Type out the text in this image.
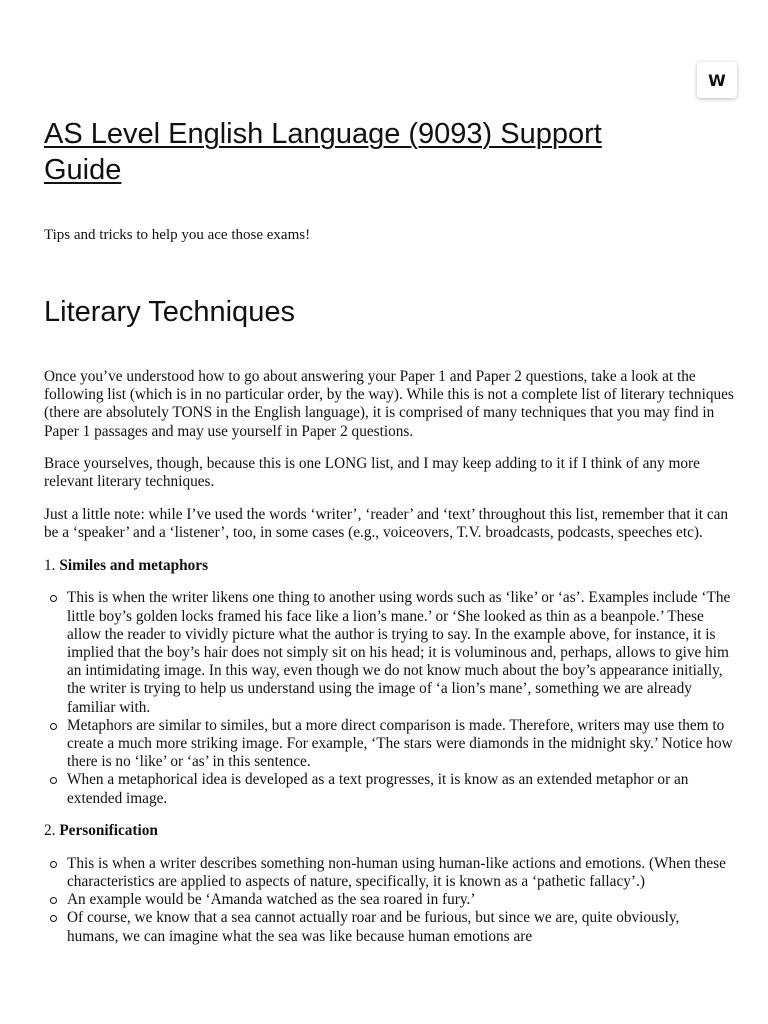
W
AS Level English Language (9093) Support Guide

Tips and tricks to help you ace those exams!

Literary Techniques

Once you’ve understood how to go about answering your Paper 1 and Paper 2 questions, take a look at the following list (which is in no particular order, by the way). While this is not a complete list of literary techniques (there are absolutely TONS in the English language), it is comprised of many techniques that you may find in Paper 1 passages and may use yourself in Paper 2 questions.

Brace yourselves, though, because this is one LONG list, and I may keep adding to it if I think of any more relevant literary techniques.

Just a little note: while I’ve used the words ‘writer’, ‘reader’ and ‘text’ throughout this list, remember that it can be a ‘speaker’ and a ‘listener’, too, in some cases (e.g., voiceovers, T.V. broadcasts, podcasts, speeches etc).

1. Similes and metaphors

This is when the writer likens one thing to another using words such as ‘like’ or ‘as’. Examples include ‘The little boy’s golden locks framed his face like a lion’s mane.’ or ‘She looked as thin as a beanpole.’ These allow the reader to vividly picture what the author is trying to say. In the example above, for instance, it is implied that the boy’s hair does not simply sit on his head; it is voluminous and, perhaps, allows to give him an intimidating image. In this way, even though we do not know much about the boy’s appearance initially, the writer is trying to help us understand using the image of ‘a lion’s mane’, something we are already familiar with.
Metaphors are similar to similes, but a more direct comparison is made. Therefore, writers may use them to create a much more striking image. For example, ‘The stars were diamonds in the midnight sky.’ Notice how there is no ‘like’ or ‘as’ in this sentence.
When a metaphorical idea is developed as a text progresses, it is know as an extended metaphor or an extended image.

2. Personification

This is when a writer describes something non-human using human-like actions and emotions. (When these characteristics are applied to aspects of nature, specifically, it is known as a ‘pathetic fallacy’.)
An example would be ‘Amanda watched as the sea roared in fury.’
Of course, we know that a sea cannot actually roar and be furious, but since we are, quite obviously, humans, we can imagine what the sea was like because human emotions are
